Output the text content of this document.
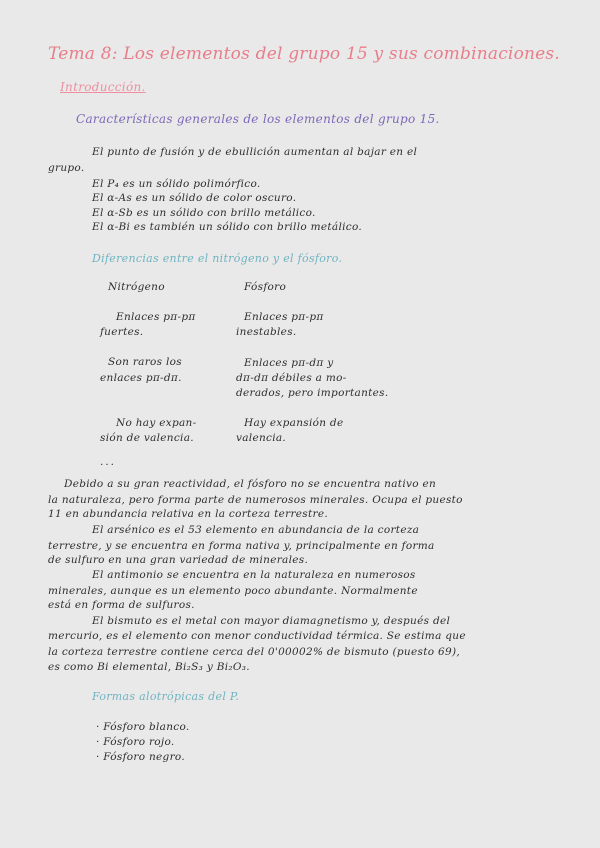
Tema 8: Los elementos del grupo 15 y sus combinaciones.
Introducción.
Características generales de los elementos del grupo 15.
El punto de fusión y de ebullición aumentan al bajar en el
grupo.
El P₄ es un sólido polimórfico.
El α-As es un sólido de color oscuro.
El α-Sb es un sólido con brillo metálico.
El α-Bi es también un sólido con brillo metálico.
Diferencias entre el nitrógeno y el fósforo.
Nitrógeno	Fósforo
Enlaces pπ-pπ
fuertes.
Enlaces pπ-pπ
inestables.
Son raros los
enlaces pπ-dπ.
Enlaces pπ-dπ y
dπ-dπ débiles a mo-
derados, pero importantes.
No hay expan-
sión de valencia.
Hay expansión de
valencia.
...
Debido a su gran reactividad, el fósforo no se encuentra nativo en
la naturaleza, pero forma parte de numerosos minerales. Ocupa el puesto
11 en abundancia relativa en la corteza terrestre.
El arsénico es el 53 elemento en abundancia de la corteza
terrestre, y se encuentra en forma nativa y, principalmente en forma
de sulfuro en una gran variedad de minerales.
El antimonio se encuentra en la naturaleza en numerosos
minerales, aunque es un elemento poco abundante. Normalmente
está en forma de sulfuros.
El bismuto es el metal con mayor diamagnetismo y, después del
mercurio, es el elemento con menor conductividad térmica. Se estima que
la corteza terrestre contiene cerca del 0'00002% de bismuto (puesto 69),
es como Bi elemental, Bi₂S₃ y Bi₂O₃.
Formas alotrópicas del P.
· Fósforo blanco.
· Fósforo rojo.
· Fósforo negro.
